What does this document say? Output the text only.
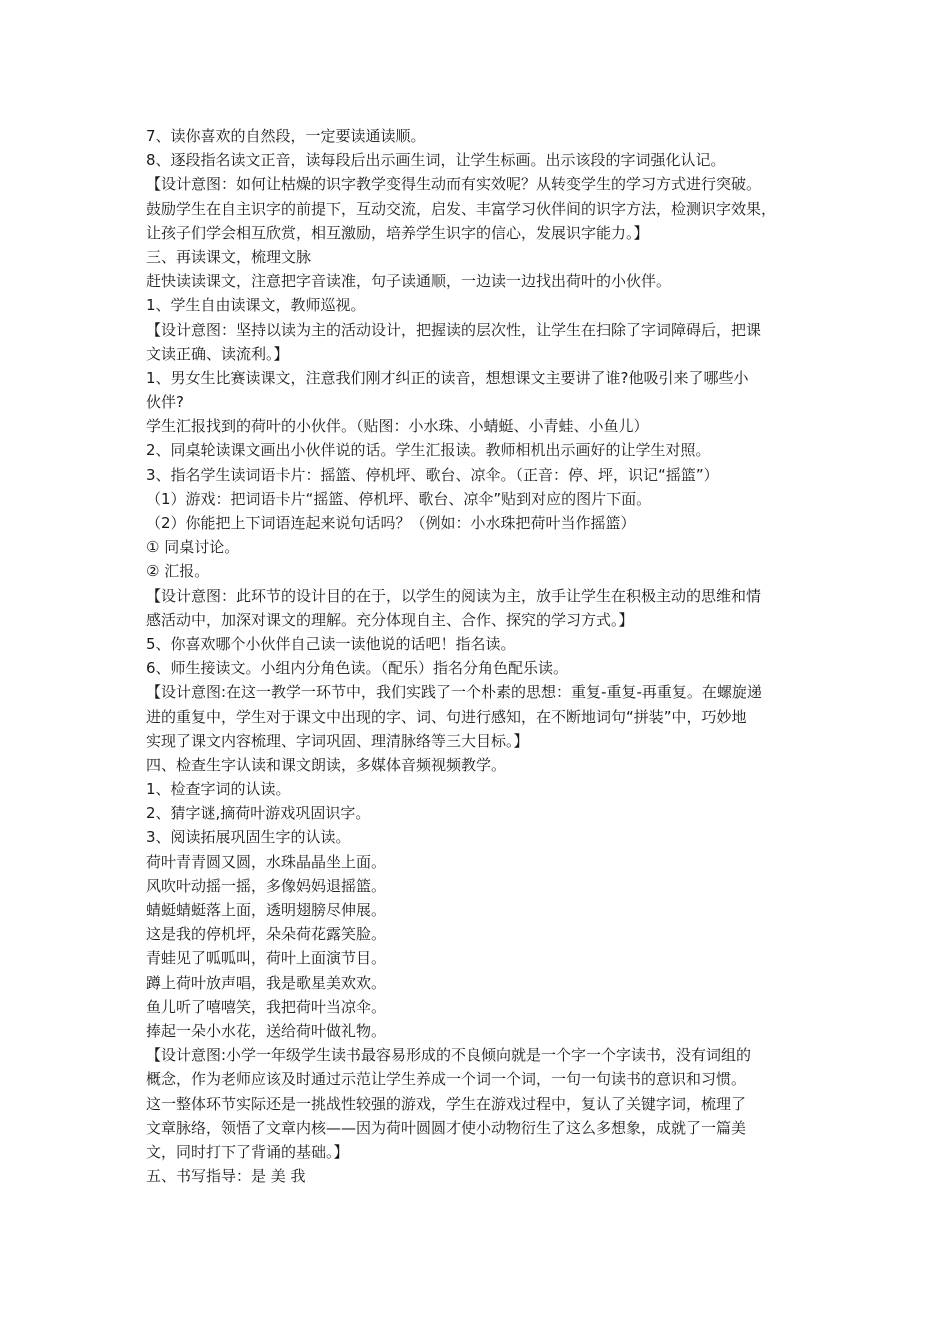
7、读你喜欢的自然段，一定要读通读顺。
8、逐段指名读文正音，读每段后出示画生词，让学生标画。出示该段的字词强化认记。
【设计意图：如何让枯燥的识字教学变得生动而有实效呢？从转变学生的学习方式进行突破。
鼓励学生在自主识字的前提下，互动交流，启发、丰富学习伙伴间的识字方法，检测识字效果，
让孩子们学会相互欣赏，相互激励，培养学生识字的信心，发展识字能力。】
三、再读课文，梳理文脉
赶快读读课文，注意把字音读准，句子读通顺，一边读一边找出荷叶的小伙伴。
1、学生自由读课文，教师巡视。
【设计意图：坚持以读为主的活动设计，把握读的层次性，让学生在扫除了字词障碍后，把课
文读正确、读流利。】
1、男女生比赛读课文，注意我们刚才纠正的读音，想想课文主要讲了谁?他吸引来了哪些小
伙伴?
学生汇报找到的荷叶的小伙伴。（贴图：小水珠、小蜻蜓、小青蛙、小鱼儿）
2、同桌轮读课文画出小伙伴说的话。学生汇报读。教师相机出示画好的让学生对照。
3、指名学生读词语卡片：摇篮、停机坪、歌台、凉伞。（正音：停、坪，识记“摇篮”）
（1）游戏：把词语卡片“摇篮、停机坪、歌台、凉伞”贴到对应的图片下面。
（2）你能把上下词语连起来说句话吗？（例如：小水珠把荷叶当作摇篮）
① 同桌讨论。
② 汇报。
【设计意图：此环节的设计目的在于，以学生的阅读为主，放手让学生在积极主动的思维和情
感活动中，加深对课文的理解。充分体现自主、合作、探究的学习方式。】
5、你喜欢哪个小伙伴自己读一读他说的话吧！指名读。
6、师生接读文。小组内分角色读。（配乐）指名分角色配乐读。
【设计意图:在这一教学一环节中，我们实践了一个朴素的思想：重复-重复-再重复。在螺旋递
进的重复中，学生对于课文中出现的字、词、句进行感知，在不断地词句“拼装”中，巧妙地
实现了课文内容梳理、字词巩固、理清脉络等三大目标。】
四、检查生字认读和课文朗读，多媒体音频视频教学。
1、检查字词的认读。
2、猜字谜,摘荷叶游戏巩固识字。
3、阅读拓展巩固生字的认读。
荷叶青青圆又圆，水珠晶晶坐上面。
风吹叶动摇一摇，多像妈妈退摇篮。
蜻蜓蜻蜓落上面，透明翅膀尽伸展。
这是我的停机坪，朵朵荷花露笑脸。
青蛙见了呱呱叫，荷叶上面演节目。
蹲上荷叶放声唱，我是歌星美欢欢。
鱼儿听了嘻嘻笑，我把荷叶当凉伞。
捧起一朵小水花，送给荷叶做礼物。
【设计意图:小学一年级学生读书最容易形成的不良倾向就是一个字一个字读书，没有词组的
概念，作为老师应该及时通过示范让学生养成一个词一个词，一句一句读书的意识和习惯。
这一整体环节实际还是一挑战性较强的游戏，学生在游戏过程中，复认了关键字词，梳理了
文章脉络，领悟了文章内核——因为荷叶圆圆才使小动物衍生了这么多想象，成就了一篇美
文，同时打下了背诵的基础。】
五、书写指导：是 美 我
